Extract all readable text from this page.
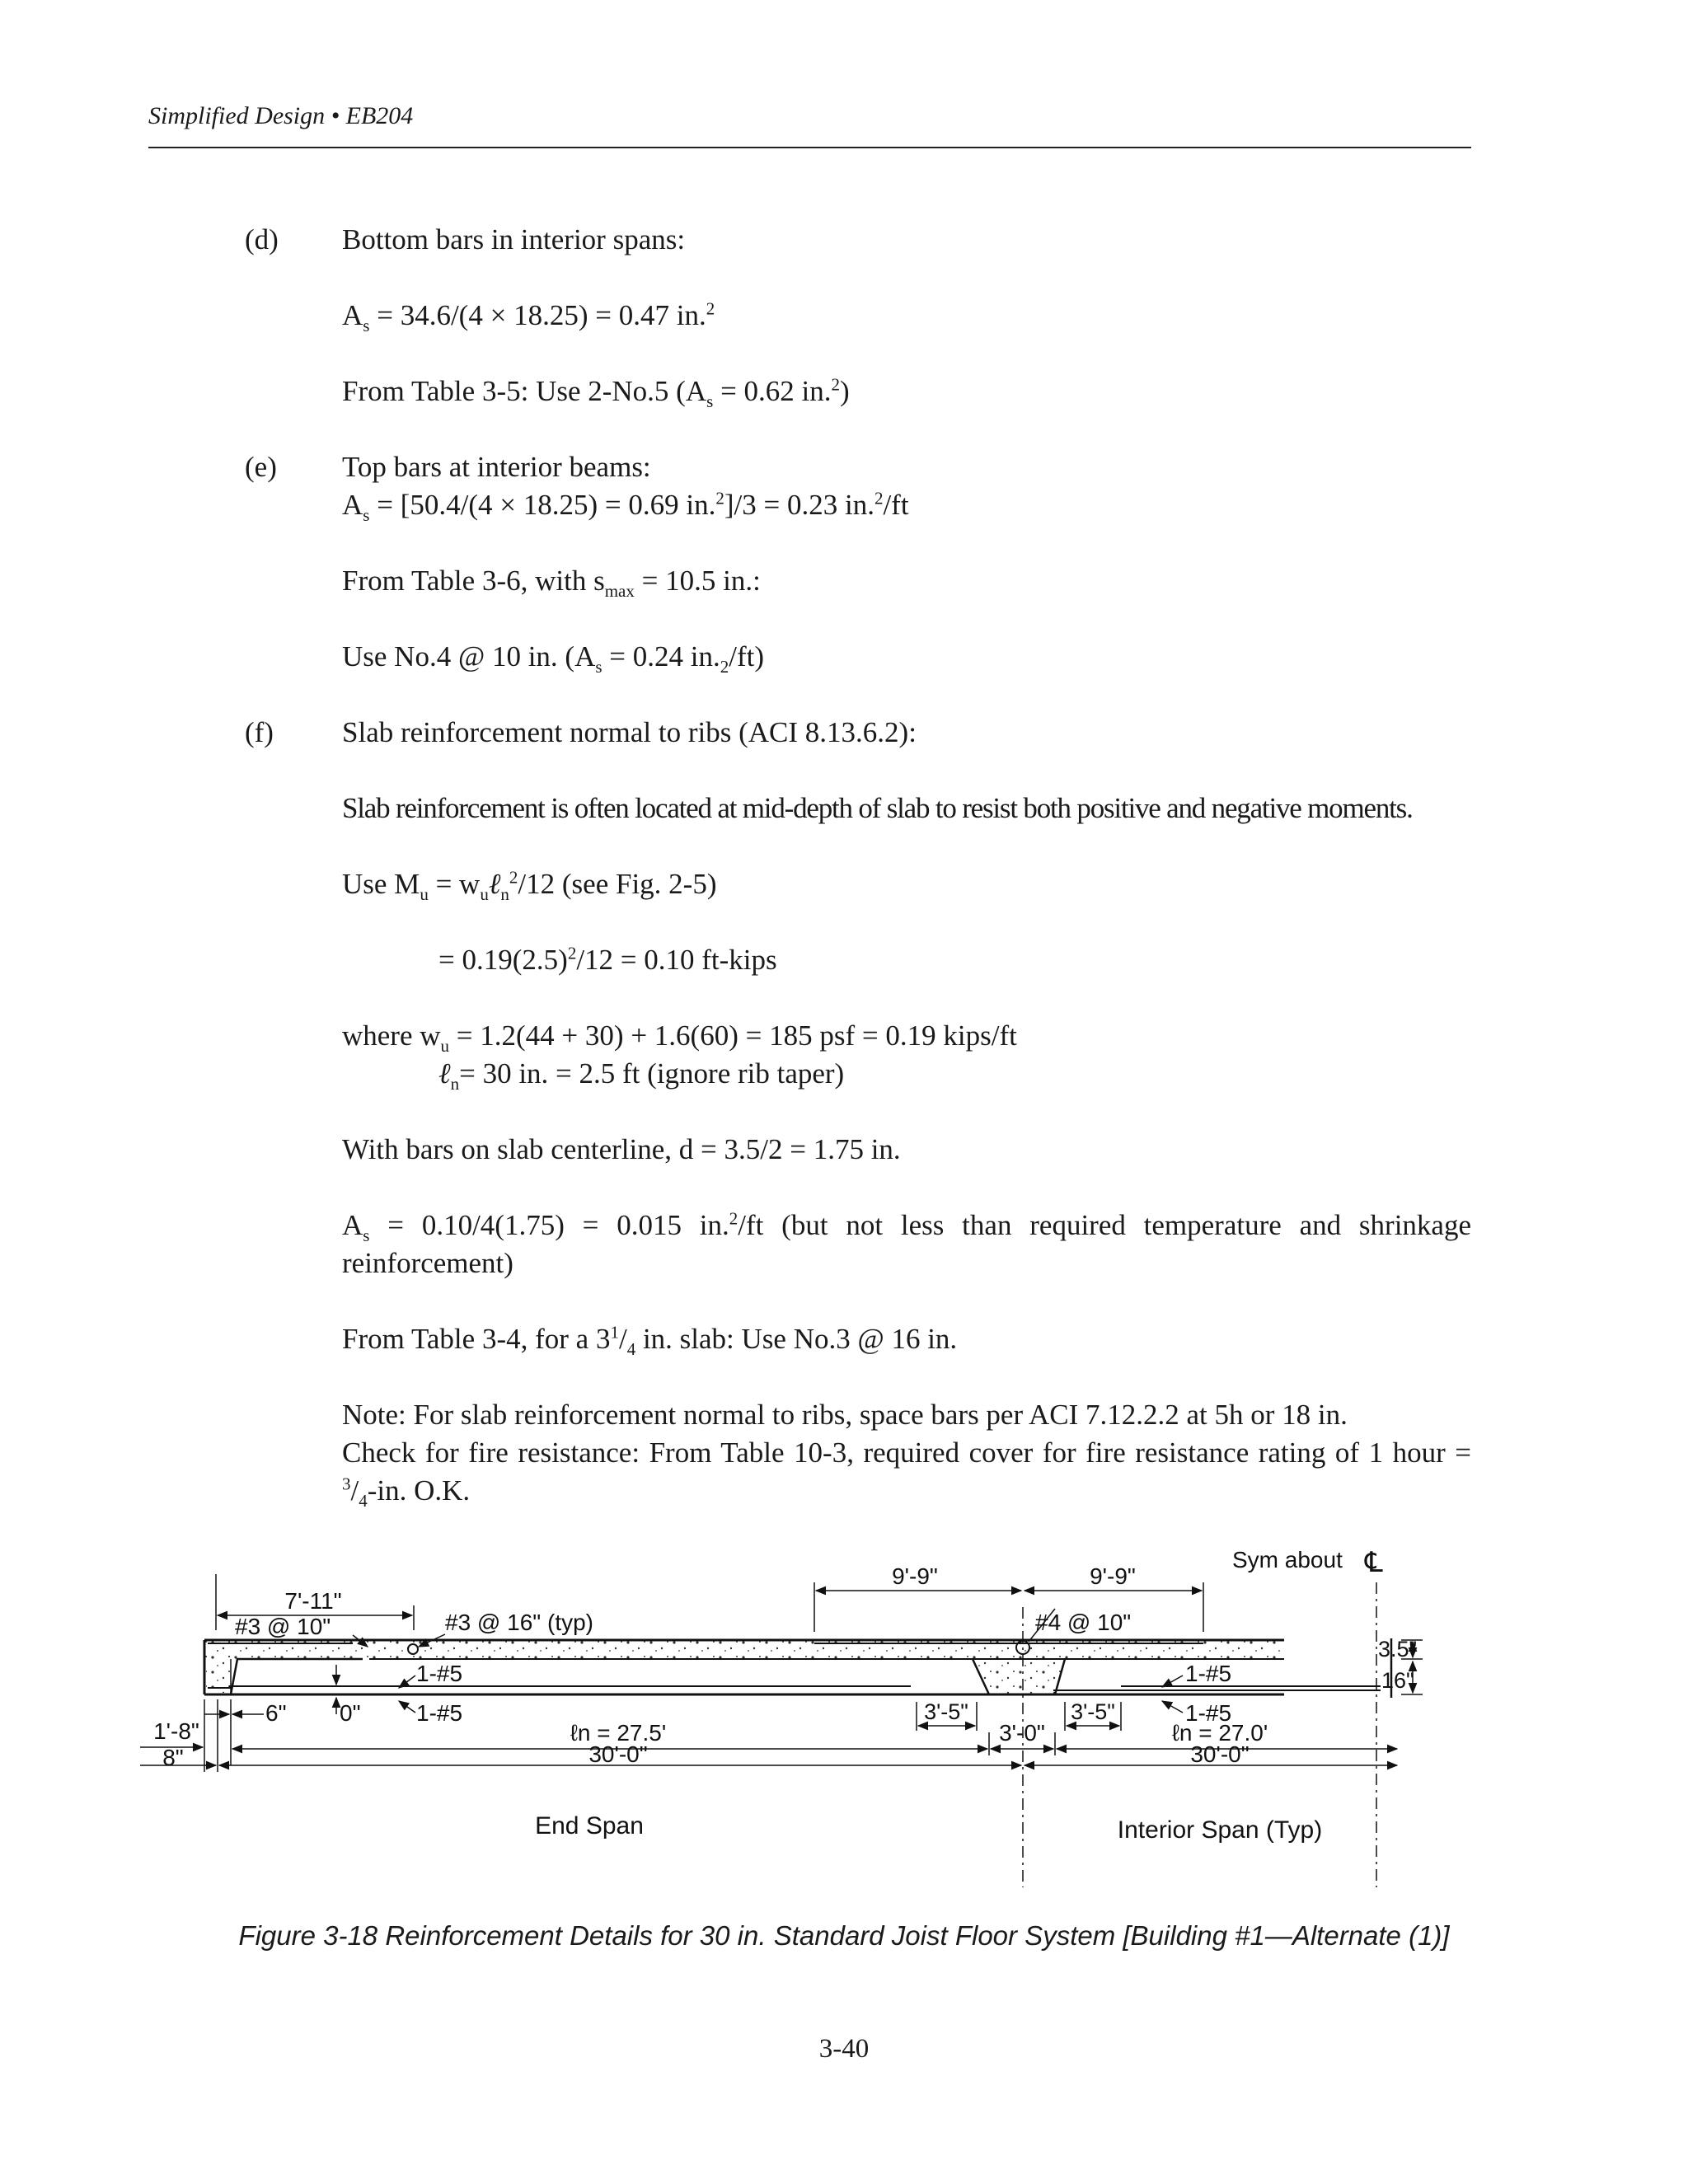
Simplified Design • EB204
(d) Bottom bars in interior spans:
$A_s = 34.6/(4 \times 18.25) = 0.47$ in.$^2$
From Table 3-5: Use 2-No.5 ($A_s = 0.62$ in.$^2$)
(e) Top bars at interior beams:
$A_s = [50.4/(4 \times 18.25) = 0.69$ in.$^2$]/3 = 0.23 in.$^2$/ft
From Table 3-6, with $s_{max} = 10.5$ in.:
Use No.4 @ 10 in. ($A_s = 0.24$ $in._2/ft$)
(f) Slab reinforcement normal to ribs (ACI 8.13.6.2):
Slab reinforcement is often located at mid-depth of slab to resist both positive and negative moments.
Use $M_u$ = $w_u\ell_n^2/12$ (see Fig. 2-5)
= $0.19(2.5)^2/12 = 0.10$ ft-kips
where $w_u = 1.2(44 + 30) + 1.6(60) = 185$ psf = 0.19 kips/ft
ℓ$_n$= 30 in. = 2.5 ft (ignore rib taper)
With bars on slab centerline, d = 3.5/2 = 1.75 in.
$A_s = 0.10/4(1.75) = 0.015$ in.$^2$/ft (but not less than required temperature and shrinkage reinforcement)
From Table 3-4, for a $3^1/_4$ in. slab: Use No.3 @ 16 in.
Note: For slab reinforcement normal to ribs, space bars per ACI 7.12.2.2 at 5h or 18 in.
Check for fire resistance: From Table 10-3, required cover for fire resistance rating of 1 hour = $^3/_4-in$. O.K.
7'-11"
#3 @ 10"	#3 @ 16" (typ)
9'-9"	9'-9"
#4 @ 10"
Sym about ℄
3.5"
16"
1-#5
1-#5
1-#5
1-#5
6" 0"	3'-5"	3'-5"
1'-8"
8"
ℓn = 27.5'
30'-0"
3'-0"	ℓn = 27.0'
30'-0"
End Span	Interior Span (Typ)
Figure 3-18 Reinforcement Details for 30 in. Standard Joist Floor System [Building #1—Alternate (1)]
3-40
